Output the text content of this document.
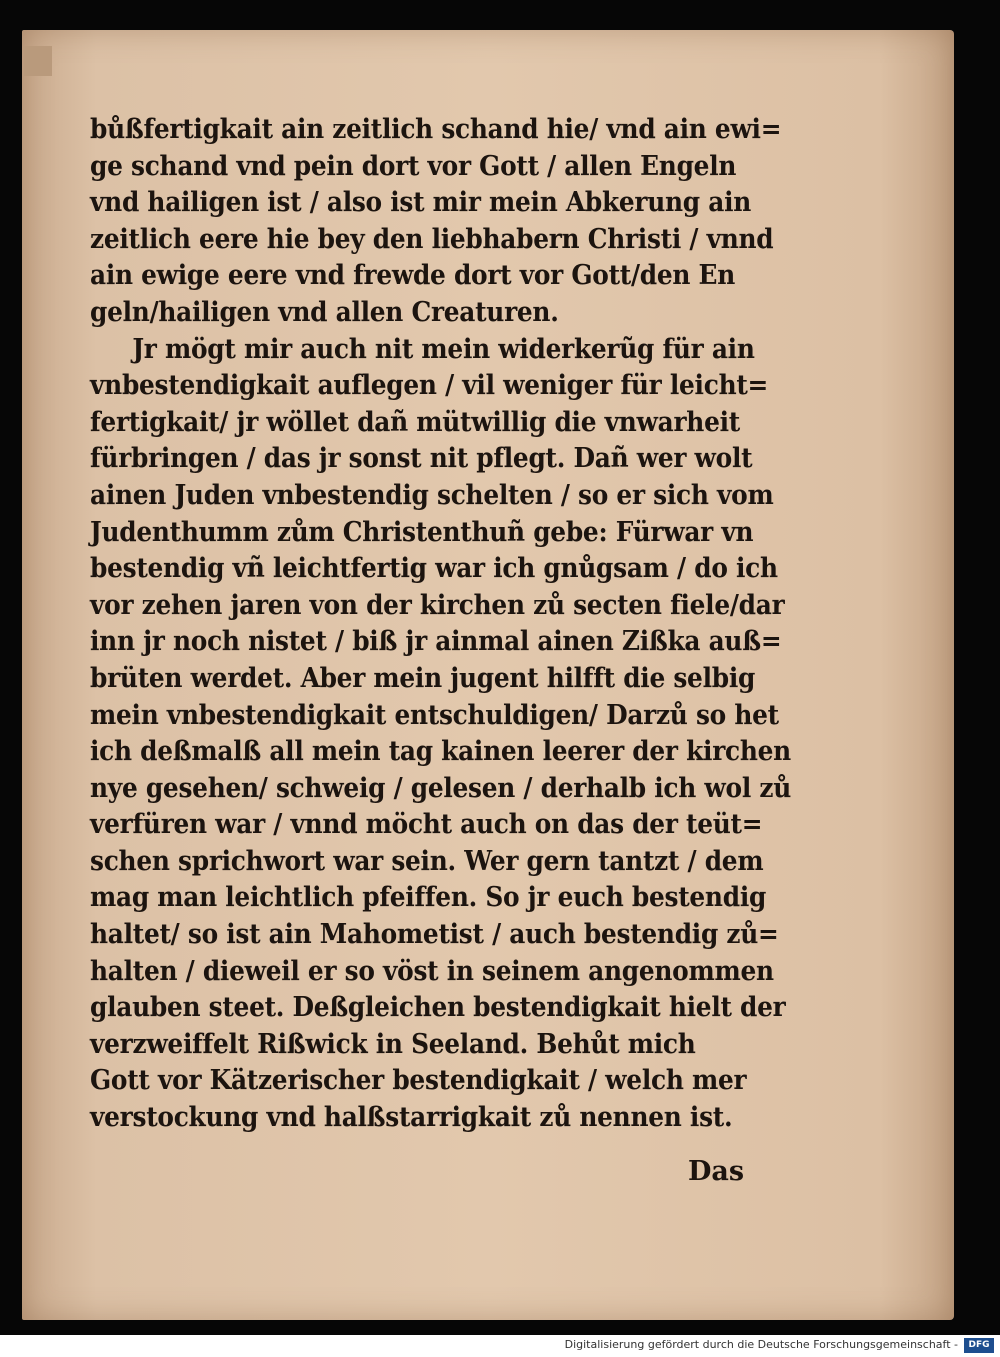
bůßfertigkait ain zeitlich schand hie/ vnd ain ewi=
ge schand vnd pein dort vor Gott / allen Engeln
vnd hailigen ist / also ist mir mein Abkerung ain
zeitlich eere hie bey den liebhabern Christi / vnnd
ain ewige eere vnd frewde dort vor Gott/den En
geln/hailigen vnd allen Creaturen.
Jr mögt mir auch nit mein widerkerũg für ain
vnbestendigkait auflegen / vil weniger für leicht=
fertigkait/ jr wöllet dañ mütwillig die vnwarheit
fürbringen / das jr sonst nit pflegt. Dañ wer wolt
ainen Juden vnbestendig schelten / so er sich vom
Judenthumm zům Christenthuñ gebe: Fürwar vn
bestendig vñ leichtfertig war ich gnůgsam / do ich
vor zehen jaren von der kirchen zů secten fiele/dar
inn jr noch nistet / biß jr ainmal ainen Zißka auß=
brüten werdet. Aber mein jugent hilfft die selbig
mein vnbestendigkait entschuldigen/ Darzů so het
ich deßmalß all mein tag kainen leerer der kirchen
nye gesehen/ schweig / gelesen / derhalb ich wol zů
verfüren war / vnnd möcht auch on das der teüt=
schen sprichwort war sein. Wer gern tantzt / dem
mag man leichtlich pfeiffen. So jr euch bestendig
haltet/ so ist ain Mahometist / auch bestendig zů=
halten / dieweil er so vöst in seinem angenommen
glauben steet. Deßgleichen bestendigkait hielt der
verzweiffelt Rißwick in Seeland. Behůt mich
Gott vor Kätzerischer bestendigkait / welch mer
verstockung vnd halßstarrigkait zů nennen ist.
Das
Digitalisierung gefördert durch die Deutsche Forschungsgemeinschaft -	DFG
